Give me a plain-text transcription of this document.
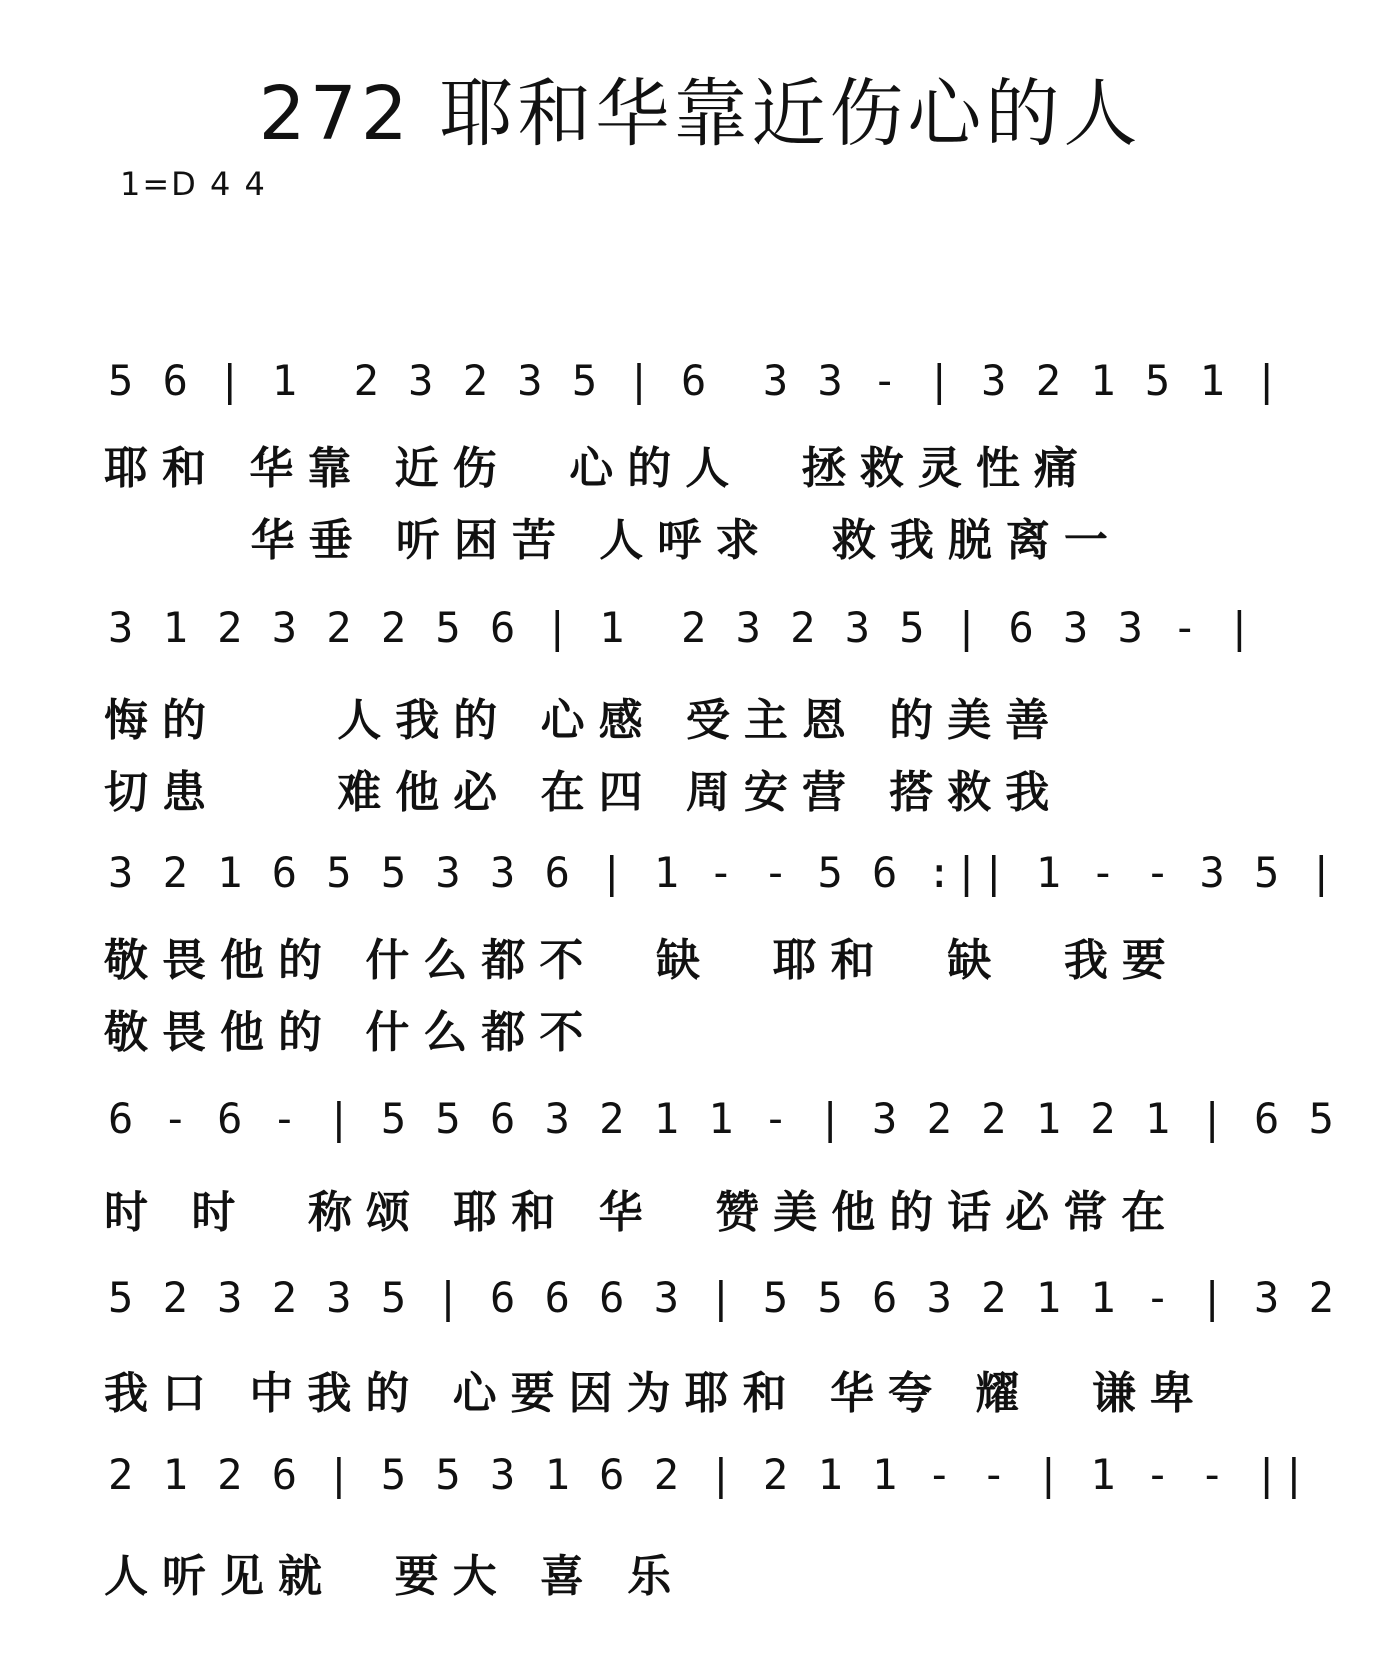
272 耶和华靠近伤心的人
1=D 4 4

5 6 | 1  2 3 2 3 5 | 6  3 3 - | 3 2 1 5 1 |

耶和 华靠 近伤  心的人  拯救灵性痛

华垂 听困苦 人呼求  救我脱离一

3 1 2 3 2 2 5 6 | 1  2 3 2 3 5 | 6 3 3 - |

悔的    人我的 心感 受主恩 的美善

切患    难他必 在四 周安营 搭救我

3 2 1 6 5 5 3 3 6 | 1 - - 5 6 :|| 1 - - 3 5 |

敬畏他的 什么都不  缺  耶和  缺  我要

敬畏他的 什么都不

6 - 6 - | 5 5 6 3 2 1 1 - | 3 2 2 1 2 1 | 6 5

时 时  称颂 耶和 华  赞美他的话必常在

5 2 3 2 3 5 | 6 6 6 3 | 5 5 6 3 2 1 1 - | 3 2

我口 中我的 心要因为耶和 华夸 耀  谦卑

2 1 2 6 | 5 5 3 1 6 2 | 2 1 1 - - | 1 - - ||

人听见就  要大 喜 乐
